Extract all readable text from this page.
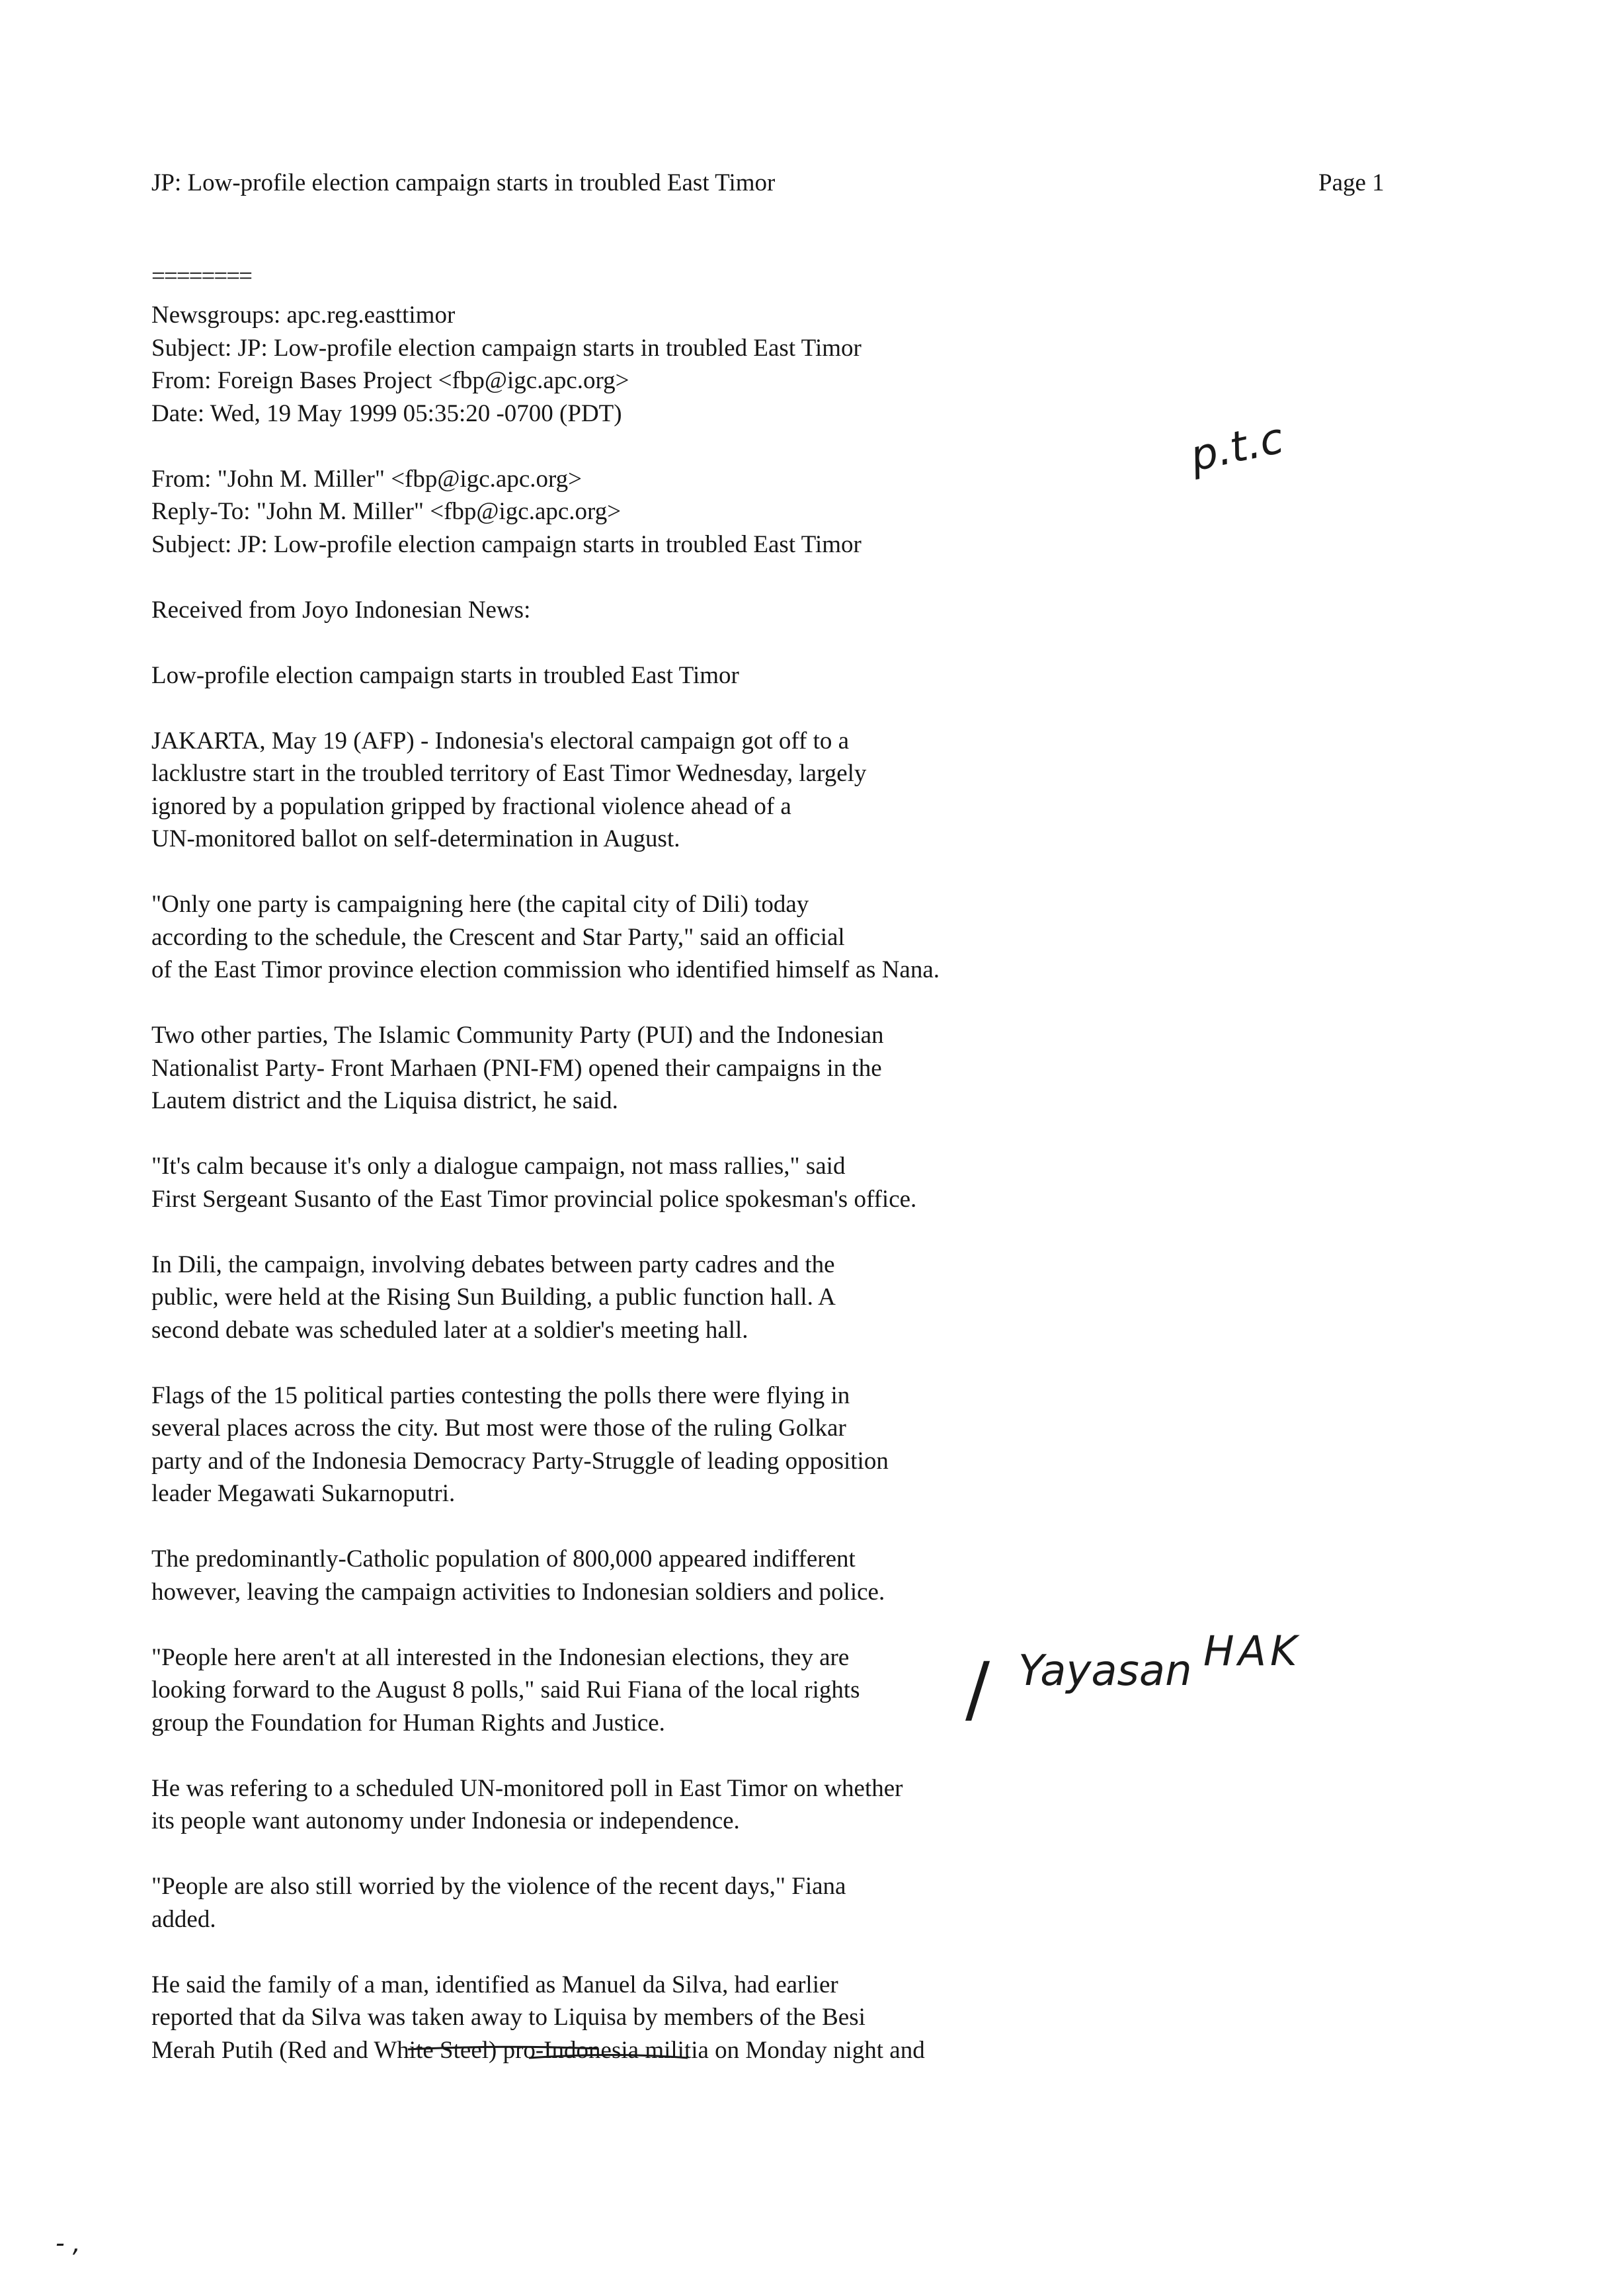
JP: Low-profile election campaign starts in troubled East Timor	Page 1
========
Newsgroups: apc.reg.easttimor
Subject: JP: Low-profile election campaign starts in troubled East Timor
From: Foreign Bases Project <fbp@igc.apc.org>
Date: Wed, 19 May 1999 05:35:20 -0700 (PDT)
From: "John M. Miller" <fbp@igc.apc.org>
Reply-To: "John M. Miller" <fbp@igc.apc.org>
Subject: JP: Low-profile election campaign starts in troubled East Timor
Received from Joyo Indonesian News:
Low-profile election campaign starts in troubled East Timor
JAKARTA, May 19 (AFP) - Indonesia's electoral campaign got off to a
lacklustre start in the troubled territory of East Timor Wednesday, largely
ignored by a population gripped by fractional violence ahead of a
UN-monitored ballot on self-determination in August.
"Only one party is campaigning here (the capital city of Dili) today
according to the schedule, the Crescent and Star Party," said an official
of the East Timor province election commission who identified himself as Nana.
Two other parties, The Islamic Community Party (PUI) and the Indonesian
Nationalist Party- Front Marhaen (PNI-FM) opened their campaigns in the
Lautem district and the Liquisa district, he said.
"It's calm because it's only a dialogue campaign, not mass rallies," said
First Sergeant Susanto of the East Timor provincial police spokesman's office.
In Dili, the campaign, involving debates between party cadres and the
public, were held at the Rising Sun Building, a public function hall. A
second debate was scheduled later at a soldier's meeting hall.
Flags of the 15 political parties contesting the polls there were flying in
several places across the city. But most were those of the ruling Golkar
party and of the Indonesia Democracy Party-Struggle of leading opposition
leader Megawati Sukarnoputri.
The predominantly-Catholic population of 800,000 appeared indifferent
however, leaving the campaign activities to Indonesian soldiers and police.
"People here aren't at all interested in the Indonesian elections, they are
looking forward to the August 8 polls," said Rui Fiana of the local rights
group the Foundation for Human Rights and Justice.
He was refering to a scheduled UN-monitored poll in East Timor on whether
its people want autonomy under Indonesia or independence.
"People are also still worried by the violence of the recent days," Fiana
added.
He said the family of a man, identified as Manuel da Silva, had earlier
reported that da Silva was taken away to Liquisa by members of the Besi
Merah Putih (Red and White Steel) pro-Indonesia militia on Monday night and
p.t.c
/ Yayasan HAK
- ,
